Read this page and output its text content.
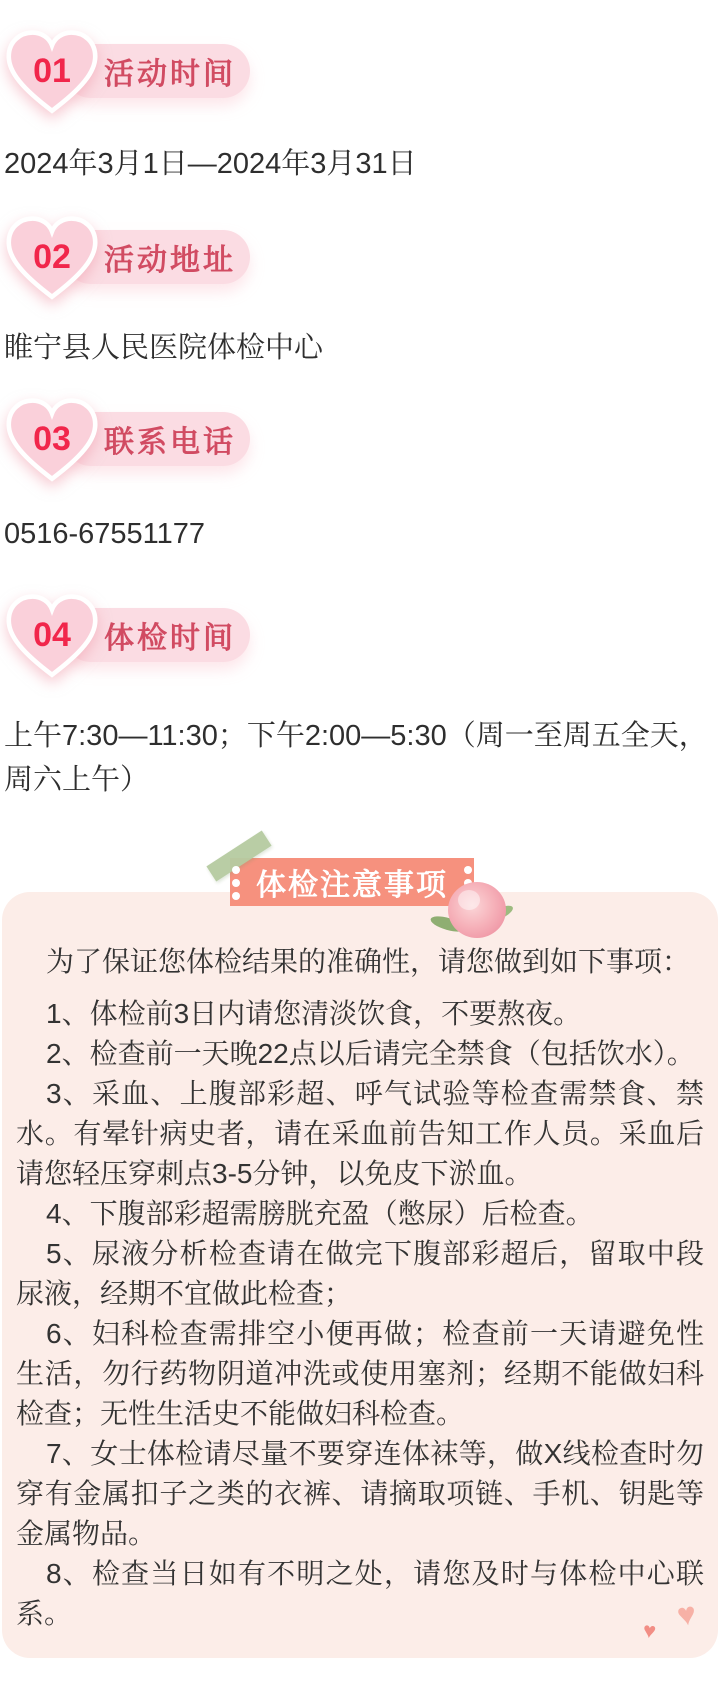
活动时间
01

2024年3月1日—2024年3月31日

活动地址
02

睢宁县人民医院体检中心

联系电话
03

0516-67551177

体检时间
04

上午7:30—11:30；下午2:00—5:30（周一至周五全天，周六上午）

体检注意事项

为了保证您体检结果的准确性，请您做到如下事项：

1、体检前3日内请您清淡饮食，不要熬夜。

2、检查前一天晚22点以后请完全禁食（包括饮水）。

3、采血、上腹部彩超、呼气试验等检查需禁食、禁水。有晕针病史者，请在采血前告知工作人员。采血后请您轻压穿刺点3-5分钟，以免皮下淤血。

4、下腹部彩超需膀胱充盈（憋尿）后检查。

5、尿液分析检查请在做完下腹部彩超后，留取中段尿液，经期不宜做此检查；

6、妇科检查需排空小便再做；检查前一天请避免性生活，勿行药物阴道冲洗或使用塞剂；经期不能做妇科检查；无性生活史不能做妇科检查。

7、女士体检请尽量不要穿连体袜等，做X线检查时勿穿有金属扣子之类的衣裤、请摘取项链、手机、钥匙等金属物品。

8、检查当日如有不明之处，请您及时与体检中心联系。	♥
♥
